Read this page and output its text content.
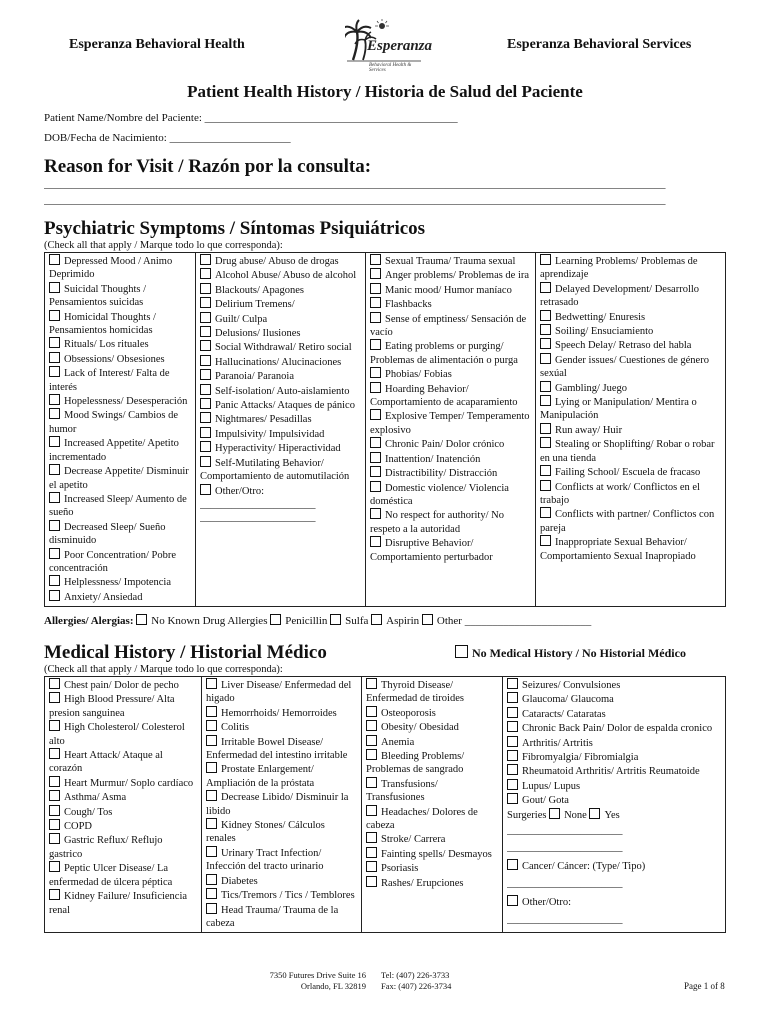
Esperanza Behavioral Health	Esperanza
Behavioral Health & Services
Esperanza Behavioral Services
Patient Health History / Historia de Salud del Paciente
Patient Name/Nombre del Paciente: ______________________________________________
DOB/Fecha de Nacimiento: ______________________
Reason for Visit / Razón por la consulta:
_________________________________________________________________________________________________________________
_________________________________________________________________________________________________________________
Psychiatric Symptoms / Síntomas Psiquiátricos
(Check all that apply / Marque todo lo que corresponda):
Depressed Mood / Animo Deprimido
Suicidal Thoughts / Pensamientos suicidas
Homicidal Thoughts / Pensamientos homicidas
Rituals/ Los rituales
Obsessions/ Obsesiones
Lack of Interest/ Falta de interés
Hopelessness/ Desesperación
Mood Swings/ Cambios de humor
Increased Appetite/ Apetito incrementado
Decrease Appetite/ Disminuir el apetito
Increased Sleep/ Aumento de sueño
Decreased Sleep/ Sueño disminuido
Poor Concentration/ Pobre concentración
Helplessness/ Impotencia
Anxiety/ Ansiedad

Drug abuse/ Abuso de drogas
Alcohol Abuse/ Abuso de alcohol
Blackouts/ Apagones
Delirium Tremens/
Guilt/ Culpa
Delusions/ Ilusiones
Social Withdrawal/ Retiro social
Hallucinations/ Alucinaciones
Paranoia/ Paranoia
Self-isolation/ Auto-aislamiento
Panic Attacks/ Ataques de pánico
Nightmares/ Pesadillas
Impulsivity/ Impulsividad
Hyperactivity/ Hiperactividad
Self-Mutilating Behavior/ Comportamiento de automutilación
Other/Otro:
______________________
______________________

Sexual Trauma/ Trauma sexual
Anger problems/ Problemas de ira
Manic mood/ Humor maníaco
Flashbacks
Sense of emptiness/ Sensación de vacío
Eating problems or purging/ Problemas de alimentación o purga
Phobias/ Fobias
Hoarding Behavior/ Comportamiento de acaparamiento
Explosive Temper/ Temperamento explosivo
Chronic Pain/ Dolor crónico
Inattention/ Inatención
Distractibility/ Distracción
Domestic violence/ Violencia doméstica
No respect for authority/ No respeto a la autoridad
Disruptive Behavior/ Comportamiento perturbador

Learning Problems/ Problemas de aprendizaje
Delayed Development/ Desarrollo retrasado
Bedwetting/ Enuresis
Soiling/ Ensuciamiento
Speech Delay/ Retraso del habla
Gender issues/ Cuestiones de género sexúal
Gambling/ Juego
Lying or Manipulation/ Mentira o Manipulación
Run away/ Huir
Stealing or Shoplifting/ Robar o robar en una tienda
Failing School/ Escuela de fracaso
Conflicts at work/ Conflictos en el trabajo
Conflicts with partner/ Conflictos con pareja
Inappropriate Sexual Behavior/ Comportamiento Sexual Inapropiado
Allergies/ Alergias: No Known Drug Allergies Penicillin Sulfa Aspirin Other _______________________
Medical History / Historial Médico	No Medical History / No Historial Médico
(Check all that apply / Marque todo lo que corresponda):
Chest pain/ Dolor de pecho
High Blood Pressure/ Alta presion sanguinea
High Cholesterol/ Colesterol alto
Heart Attack/ Ataque al corazón
Heart Murmur/ Soplo cardíaco
Asthma/ Asma
Cough/ Tos
COPD
Gastric Reflux/ Reflujo gastrico
Peptic Ulcer Disease/ La enfermedad de úlcera péptica
Kidney Failure/ Insuficiencia renal

Liver Disease/ Enfermedad del higado
Hemorrhoids/ Hemorroides
Colitis
Irritable Bowel Disease/ Enfermedad del intestino irritable
Prostate Enlargement/ Ampliación de la próstata
Decrease Libido/ Disminuir la libido
Kidney Stones/ Cálculos renales
Urinary Tract Infection/ Infección del tracto urinario
Diabetes
Tics/Tremors / Tics / Temblores
Head Trauma/ Trauma de la cabeza

Thyroid Disease/ Enfermedad de tiroides
Osteoporosis
Obesity/ Obesidad
Anemia
Bleeding Problems/ Problemas de sangrado
Transfusions/ Transfusiones
Headaches/ Dolores de cabeza
Stroke/ Carrera
Fainting spells/ Desmayos
Psoriasis
Rashes/ Erupciones

Seizures/ Convulsiones
Glaucoma/ Glaucoma
Cataracts/ Cataratas
Chronic Back Pain/ Dolor de espalda cronico
Arthritis/ Artritis
Fibromyalgia/ Fibromialgia
Rheumatoid Arthritis/ Artritis Reumatoide
Lupus/ Lupus
Gout/ Gota
Surgeries None Yes
______________________
______________________
Cancer/ Cáncer: (Type/ Tipo)
______________________
Other/Otro:
______________________
7350 Futures Drive Suite 16
Orlando, FL 32819
Tel: (407) 226-3733
Fax: (407) 226-3734	Page 1 of 8
